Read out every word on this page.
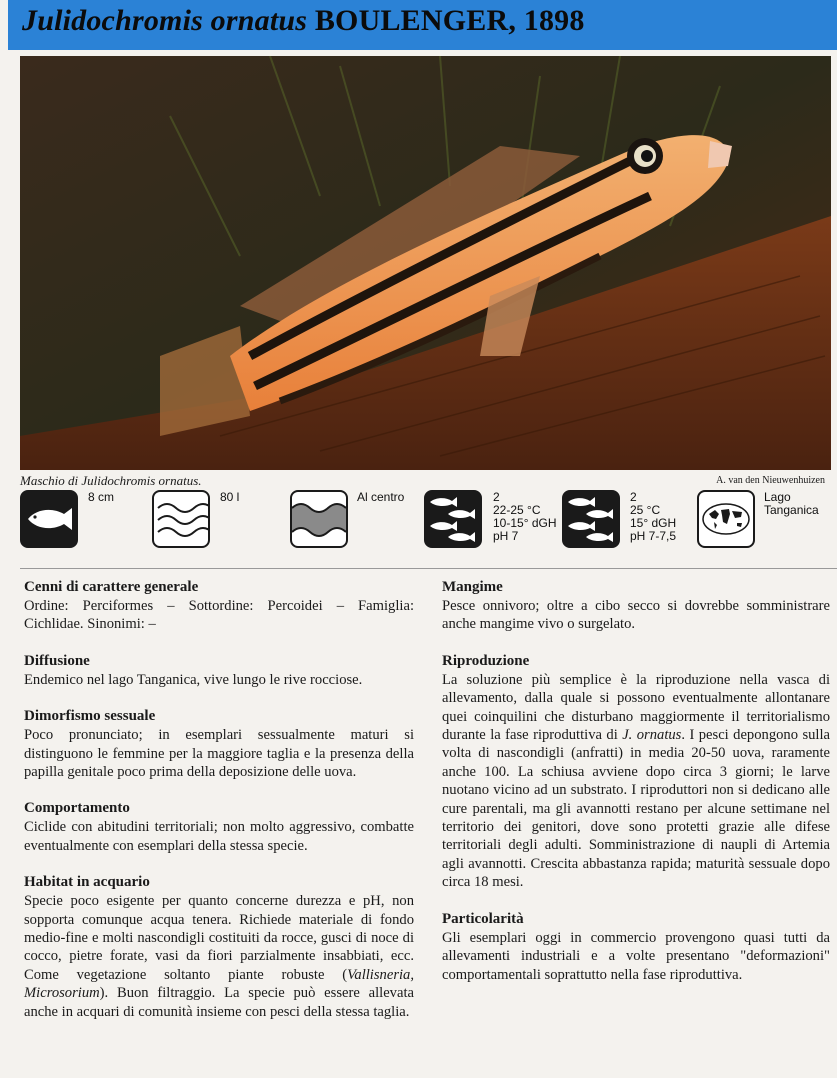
Julidochromis ornatus BOULENGER, 1898
Maschio di Julidochromis ornatus.	A. van den Nieuwenhuizen
8 cm	80 l	Al centro	2
22-25 °C
10-15° dGH
pH 7
2
25 °C
15° dGH
pH 7-7,5
Lago
Tanganica
Cenni di carattere generale

Ordine: Perciformes – Sottordine: Percoidei – Famiglia: Cichlidae. Sinonimi: –

Diffusione

Endemico nel lago Tanganica, vive lungo le rive rocciose.

Dimorfismo sessuale

Poco pronunciato; in esemplari sessualmente maturi si distinguono le femmine per la maggiore taglia e la presenza della papilla genitale poco prima della deposizione delle uova.

Comportamento

Ciclide con abitudini territoriali; non molto aggressivo, combatte eventualmente con esemplari della stessa specie.

Habitat in acquario

Specie poco esigente per quanto concerne durezza e pH, non sopporta comunque acqua tenera. Richiede materiale di fondo medio-fine e molti nascondigli costituiti da rocce, gusci di noce di cocco, pietre forate, vasi da fiori parzialmente insabbiati, ecc. Come vegetazione soltanto piante robuste (Vallisneria, Microsorium). Buon filtraggio. La specie può essere allevata anche in acquari di comunità insieme con pesci della stessa taglia.

Mangime

Pesce onnivoro; oltre a cibo secco si dovrebbe somministrare anche mangime vivo o surgelato.

Riproduzione

La soluzione più semplice è la riproduzione nella vasca di allevamento, dalla quale si possono eventualmente allontanare quei coinquilini che disturbano maggiormente il territorialismo durante la fase riproduttiva di J. ornatus. I pesci depongono sulla volta di nascondigli (anfratti) in media 20-50 uova, raramente anche 100. La schiusa avviene dopo circa 3 giorni; le larve nuotano vicino ad un substrato. I riproduttori non si dedicano alle cure parentali, ma gli avannotti restano per alcune settimane nel territorio dei genitori, dove sono protetti grazie alle difese territoriali degli adulti. Somministrazione di naupli di Artemia agli avannotti. Crescita abbastanza rapida; maturità sessuale dopo circa 18 mesi.

Particolarità

Gli esemplari oggi in commercio provengono quasi tutti da allevamenti industriali e a volte presentano "deformazioni" comportamentali soprattutto nella fase riproduttiva.
